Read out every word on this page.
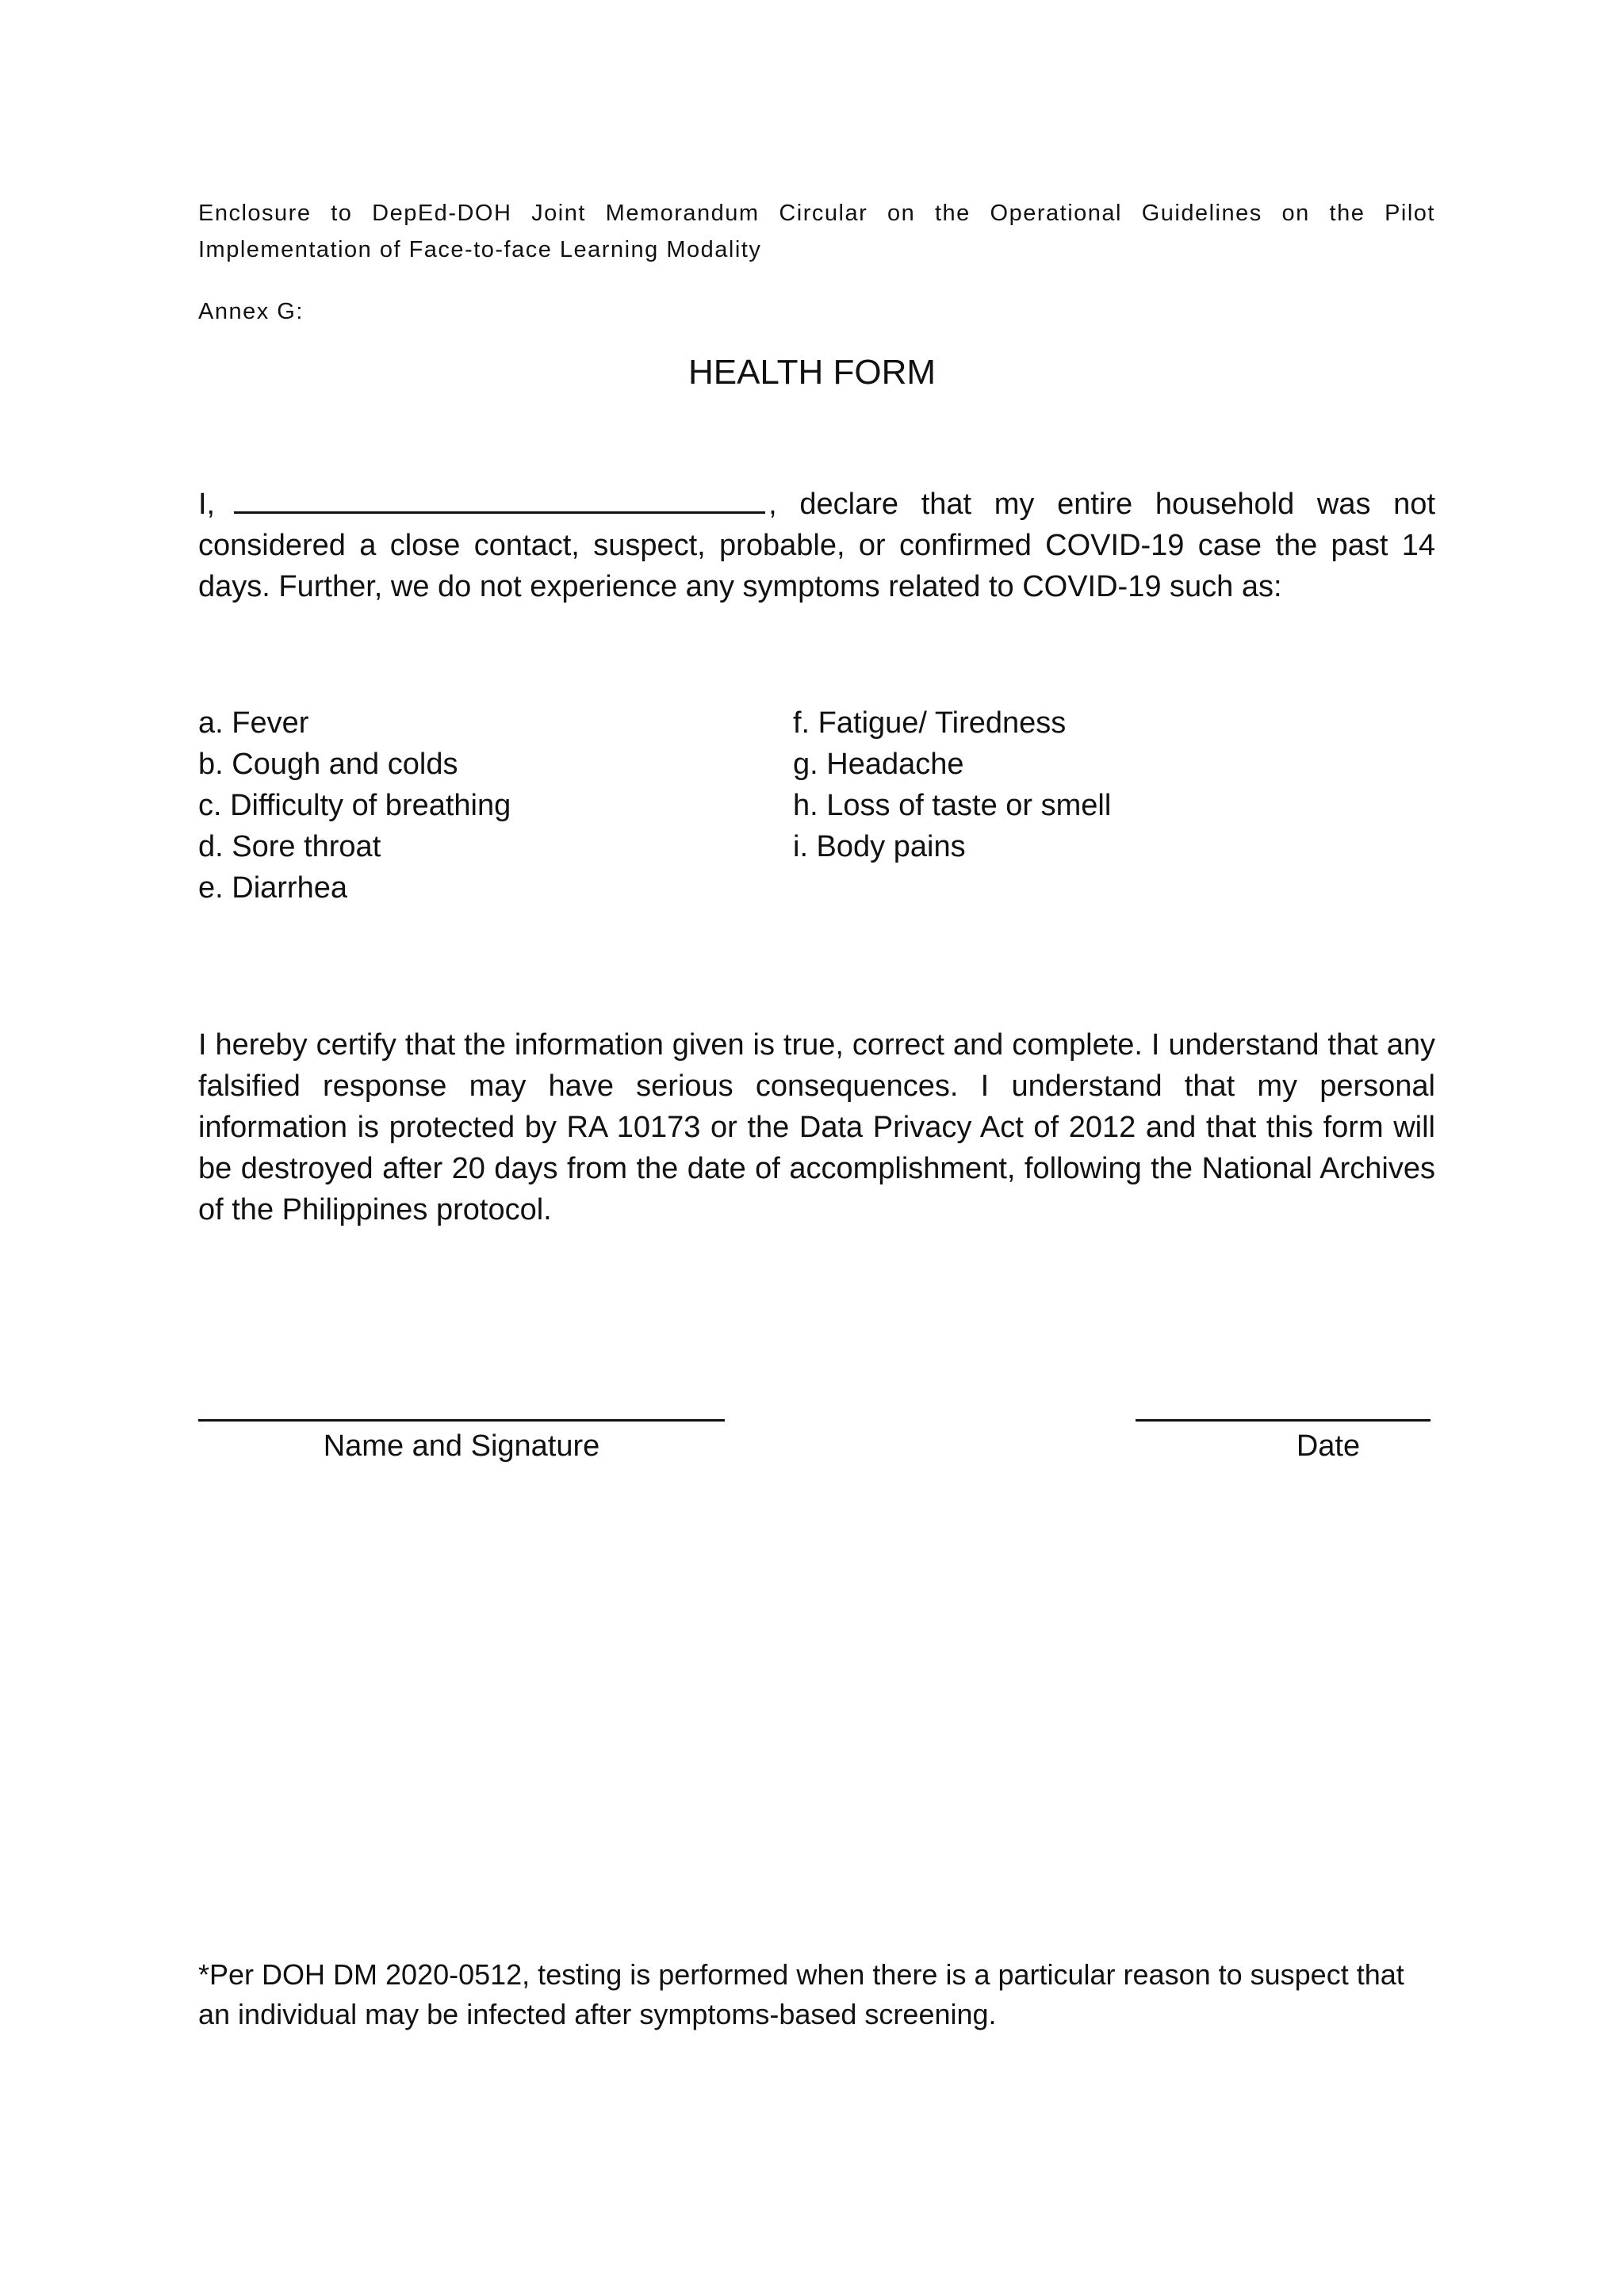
Enclosure to DepEd-DOH Joint Memorandum Circular on the Operational Guidelines on the Pilot Implementation of Face-to-face Learning Modality
Annex G:
HEALTH FORM
I,	, declare that my entire household was not considered a close contact, suspect, probable, or confirmed COVID-19 case the past 14 days. Further, we do not experience any symptoms related to COVID-19 such as:
a. Fever
b. Cough and colds
c. Difficulty of breathing
d. Sore throat
e. Diarrhea
f. Fatigue/ Tiredness
g. Headache
h. Loss of taste or smell
i. Body pains
I hereby certify that the information given is true, correct and complete. I understand that any falsified response may have serious consequences. I understand that my personal information is protected by RA 10173 or the Data Privacy Act of 2012 and that this form will be destroyed after 20 days from the date of accomplishment, following the National Archives of the Philippines protocol.
Name and Signature	Date
*Per DOH DM 2020-0512, testing is performed when there is a particular reason to suspect that an individual may be infected after symptoms-based screening.
